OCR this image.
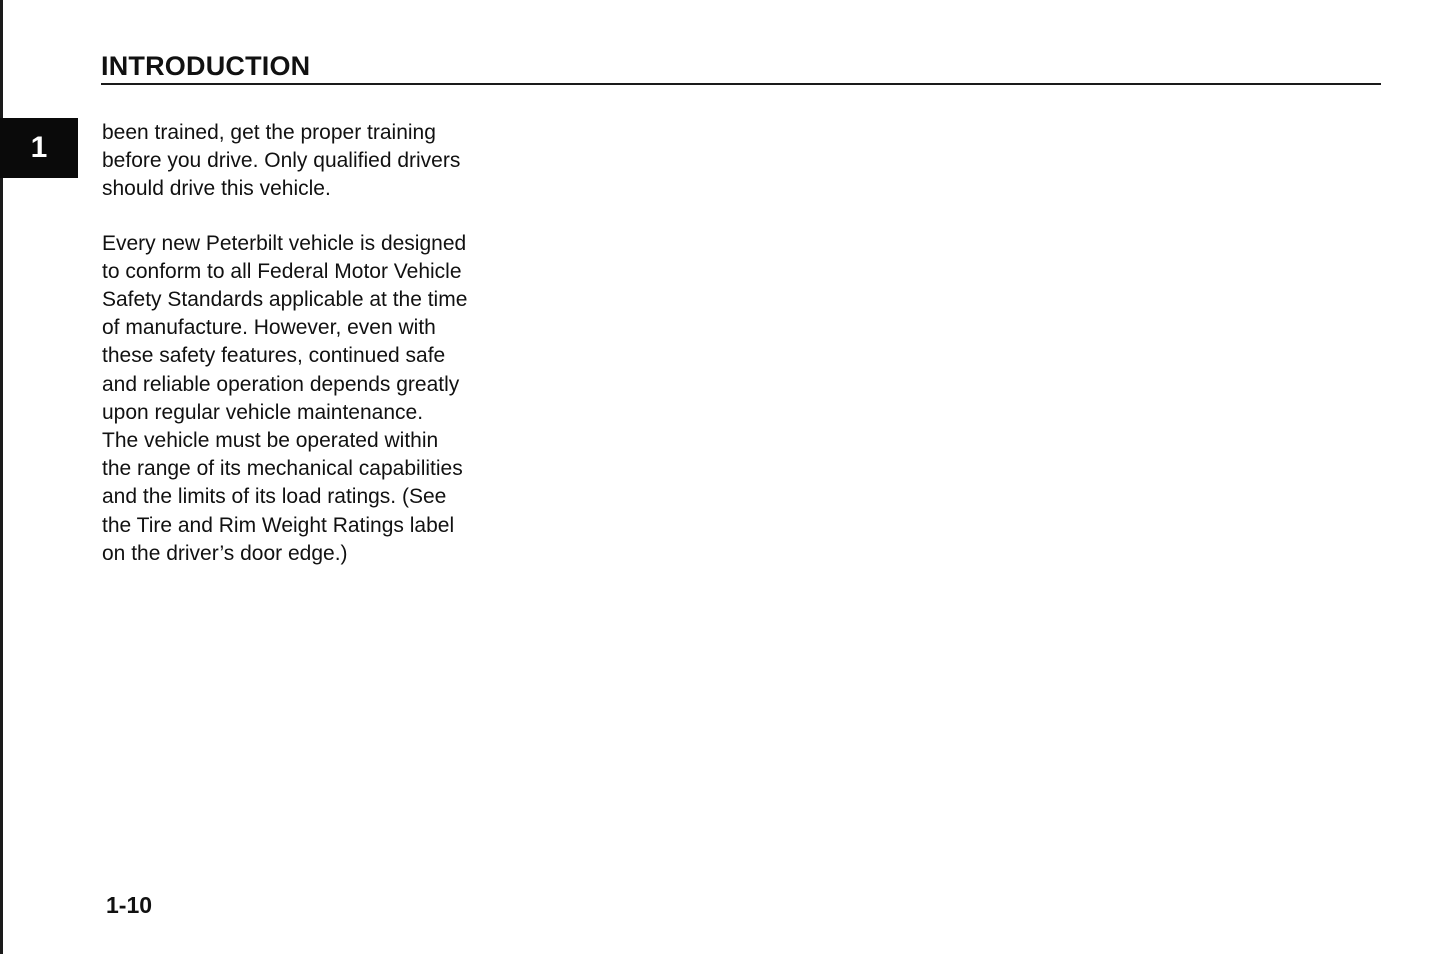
1
INTRODUCTION

been trained, get the proper training
before you drive. Only qualified drivers
should drive this vehicle.

Every new Peterbilt vehicle is designed
to conform to all Federal Motor Vehicle
Safety Standards applicable at the time
of manufacture. However, even with
these safety features, continued safe
and reliable operation depends greatly
upon regular vehicle maintenance.
The vehicle must be operated within
the range of its mechanical capabilities
and the limits of its load ratings. (See
the Tire and Rim Weight Ratings label
on the driver’s door edge.)

1-10
